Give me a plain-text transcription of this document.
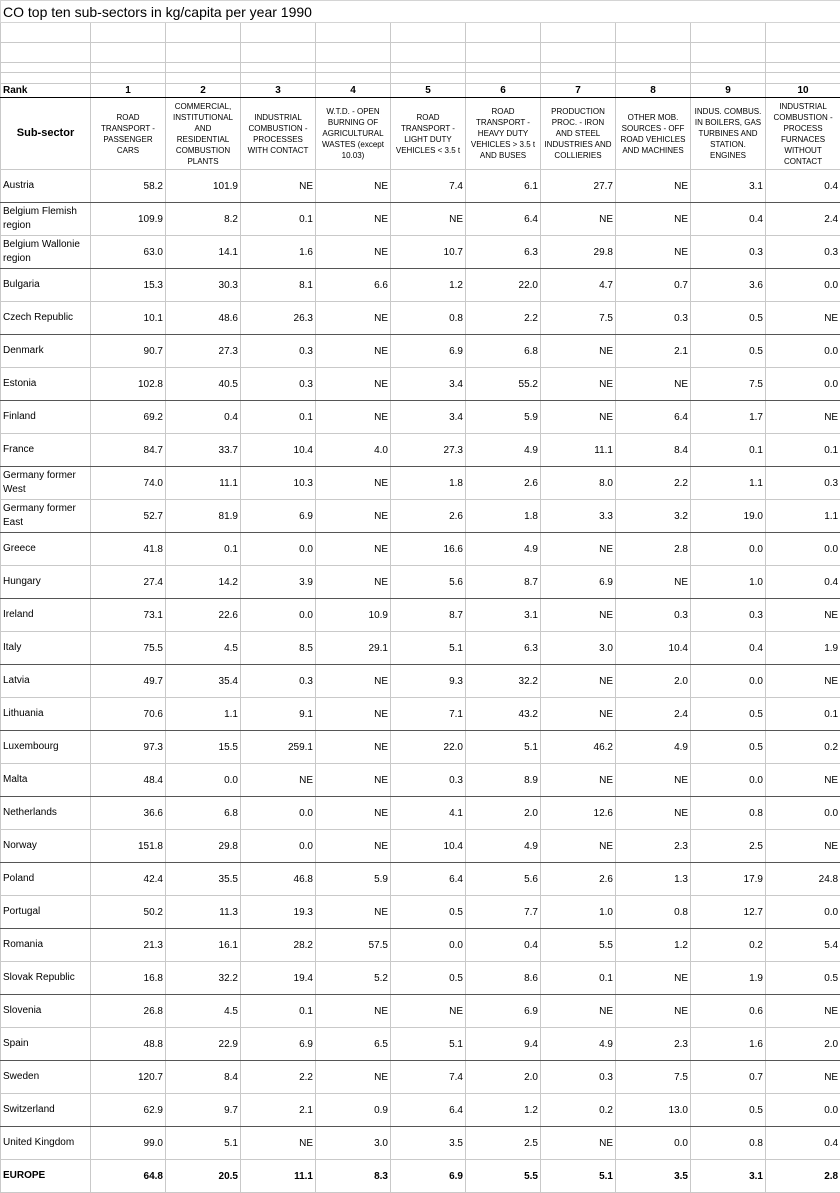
CO top ten sub-sectors in kg/capita per year 1990										

Rank	1	2	3	4	5	6	7	8	9	10
Sub-sector	ROAD TRANSPORT - PASSENGER CARS	COMMERCIAL, INSTITUTIONAL AND RESIDENTIAL COMBUSTION PLANTS	INDUSTRIAL COMBUSTION - PROCESSES WITH CONTACT	W.T.D. - OPEN BURNING OF AGRICULTURAL WASTES (except 10.03)	ROAD TRANSPORT - LIGHT DUTY VEHICLES < 3.5 t	ROAD TRANSPORT - HEAVY DUTY VEHICLES > 3.5 t AND BUSES	PRODUCTION PROC. - IRON AND STEEL INDUSTRIES AND COLLIERIES	OTHER MOB. SOURCES - OFF ROAD VEHICLES AND MACHINES	INDUS. COMBUS. IN BOILERS, GAS TURBINES AND STATION. ENGINES	INDUSTRIAL COMBUSTION - PROCESS FURNACES WITHOUT CONTACT
Austria	58.2	101.9	NE	NE	7.4	6.1	27.7	NE	3.1	0.4
Belgium Flemish region	109.9	8.2	0.1	NE	NE	6.4	NE	NE	0.4	2.4
Belgium Wallonie region	63.0	14.1	1.6	NE	10.7	6.3	29.8	NE	0.3	0.3
Bulgaria	15.3	30.3	8.1	6.6	1.2	22.0	4.7	0.7	3.6	0.0
Czech Republic	10.1	48.6	26.3	NE	0.8	2.2	7.5	0.3	0.5	NE
Denmark	90.7	27.3	0.3	NE	6.9	6.8	NE	2.1	0.5	0.0
Estonia	102.8	40.5	0.3	NE	3.4	55.2	NE	NE	7.5	0.0
Finland	69.2	0.4	0.1	NE	3.4	5.9	NE	6.4	1.7	NE
France	84.7	33.7	10.4	4.0	27.3	4.9	11.1	8.4	0.1	0.1
Germany former West	74.0	11.1	10.3	NE	1.8	2.6	8.0	2.2	1.1	0.3
Germany former East	52.7	81.9	6.9	NE	2.6	1.8	3.3	3.2	19.0	1.1
Greece	41.8	0.1	0.0	NE	16.6	4.9	NE	2.8	0.0	0.0
Hungary	27.4	14.2	3.9	NE	5.6	8.7	6.9	NE	1.0	0.4
Ireland	73.1	22.6	0.0	10.9	8.7	3.1	NE	0.3	0.3	NE
Italy	75.5	4.5	8.5	29.1	5.1	6.3	3.0	10.4	0.4	1.9
Latvia	49.7	35.4	0.3	NE	9.3	32.2	NE	2.0	0.0	NE
Lithuania	70.6	1.1	9.1	NE	7.1	43.2	NE	2.4	0.5	0.1
Luxembourg	97.3	15.5	259.1	NE	22.0	5.1	46.2	4.9	0.5	0.2
Malta	48.4	0.0	NE	NE	0.3	8.9	NE	NE	0.0	NE
Netherlands	36.6	6.8	0.0	NE	4.1	2.0	12.6	NE	0.8	0.0
Norway	151.8	29.8	0.0	NE	10.4	4.9	NE	2.3	2.5	NE
Poland	42.4	35.5	46.8	5.9	6.4	5.6	2.6	1.3	17.9	24.8
Portugal	50.2	11.3	19.3	NE	0.5	7.7	1.0	0.8	12.7	0.0
Romania	21.3	16.1	28.2	57.5	0.0	0.4	5.5	1.2	0.2	5.4
Slovak Republic	16.8	32.2	19.4	5.2	0.5	8.6	0.1	NE	1.9	0.5
Slovenia	26.8	4.5	0.1	NE	NE	6.9	NE	NE	0.6	NE
Spain	48.8	22.9	6.9	6.5	5.1	9.4	4.9	2.3	1.6	2.0
Sweden	120.7	8.4	2.2	NE	7.4	2.0	0.3	7.5	0.7	NE
Switzerland	62.9	9.7	2.1	0.9	6.4	1.2	0.2	13.0	0.5	0.0
United Kingdom	99.0	5.1	NE	3.0	3.5	2.5	NE	0.0	0.8	0.4
EUROPE	64.8	20.5	11.1	8.3	6.9	5.5	5.1	3.5	3.1	2.8
